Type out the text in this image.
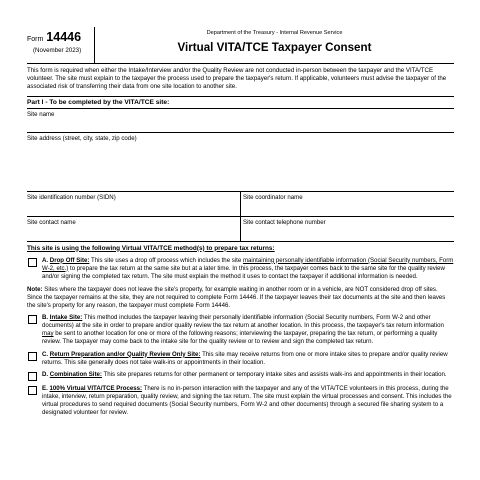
Form 14446
(November 2023)
Department of the Treasury - Internal Revenue Service
Virtual VITA/TCE Taxpayer Consent
This form is required when either the Intake/Interview and/or the Quality Review are not conducted in-person between the taxpayer and the VITA/TCE volunteer. The site must explain to the taxpayer the process used to prepare the taxpayer's return. If applicable, volunteers must advise the taxpayer of the associated risk of transferring their data from one site location to another site.
Part I - To be completed by the VITA/TCE site:
Site name
Site address (street, city, state, zip code)
Site identification number (SIDN)	Site coordinator name
Site contact name	Site contact telephone number
This site is using the following Virtual VITA/TCE method(s) to prepare tax returns:
A. Drop Off Site: This site uses a drop off process which includes the site maintaining personally identifiable information (Social Security numbers, Form W-2, etc.) to prepare the tax return at the same site but at a later time. In this process, the taxpayer comes back to the same site for the quality review and/or signing the completed tax return. The site must explain the method it uses to contact the taxpayer if additional information is needed.
Note: Sites where the taxpayer does not leave the site's property, for example waiting in another room or in a vehicle, are NOT considered drop off sites. Since the taxpayer remains at the site, they are not required to complete Form 14446. If the taxpayer leaves their tax documents at the site and then leaves the site's property for any reason, the taxpayer must complete Form 14446.
B. Intake Site: This method includes the taxpayer leaving their personally identifiable information (Social Security numbers, Form W-2 and other documents) at the site in order to prepare and/or quality review the tax return at another location. In this process, the taxpayer's tax return information may be sent to another location for one or more of the following reasons; interviewing the taxpayer, preparing the tax return, or performing a quality review. The taxpayer may come back to the intake site for the quality review or to review and sign the completed tax return.
C. Return Preparation and/or Quality Review Only Site: This site may receive returns from one or more intake sites to prepare and/or quality review returns. This site generally does not take walk-ins or appointments in their location.
D. Combination Site: This site prepares returns for other permanent or temporary intake sites and assists walk-ins and appointments in their location.
E. 100% Virtual VITA/TCE Process: There is no in-person interaction with the taxpayer and any of the VITA/TCE volunteers in this process, during the intake, interview, return preparation, quality review, and signing the tax return. The site must explain the virtual processes and consent. This includes the virtual procedures to send required documents (Social Security numbers, Form W-2 and other documents) through a secured file sharing system to a designated volunteer for review.
